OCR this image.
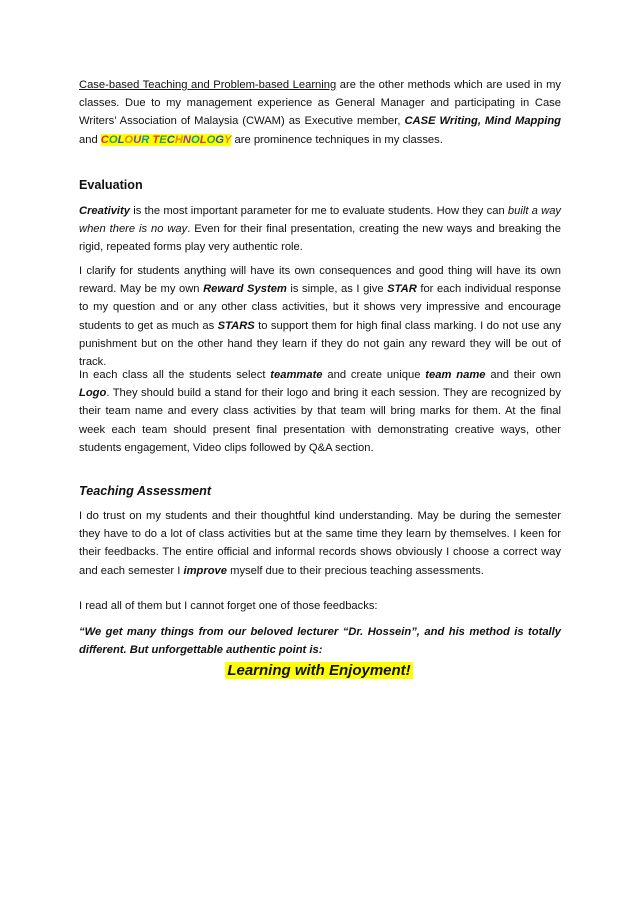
Case-based Teaching and Problem-based Learning are the other methods which are used in my classes. Due to my management experience as General Manager and participating in Case Writers’ Association of Malaysia (CWAM) as Executive member, CASE Writing, Mind Mapping and COLOUR TECHNOLOGY are prominence techniques in my classes.

Evaluation

Creativity is the most important parameter for me to evaluate students. How they can built a way when there is no way. Even for their final presentation, creating the new ways and breaking the rigid, repeated forms play very authentic role.

I clarify for students anything will have its own consequences and good thing will have its own reward. May be my own Reward System is simple, as I give STAR for each individual response to my question and or any other class activities, but it shows very impressive and encourage students to get as much as STARS to support them for high final class marking. I do not use any punishment but on the other hand they learn if they do not gain any reward they will be out of track.

In each class all the students select teammate and create unique team name and their own Logo. They should build a stand for their logo and bring it each session. They are recognized by their team name and every class activities by that team will bring marks for them. At the final week each team should present final presentation with demonstrating creative ways, other students engagement, Video clips followed by Q&A section.

Teaching Assessment

I do trust on my students and their thoughtful kind understanding. May be during the semester they have to do a lot of class activities but at the same time they learn by themselves. I keen for their feedbacks. The entire official and informal records shows obviously I choose a correct way and each semester I improve myself due to their precious teaching assessments.

I read all of them but I cannot forget one of those feedbacks:

“We get many things from our beloved lecturer “Dr. Hossein”, and his method is totally different. But unforgettable authentic point is:

Learning with Enjoyment!
